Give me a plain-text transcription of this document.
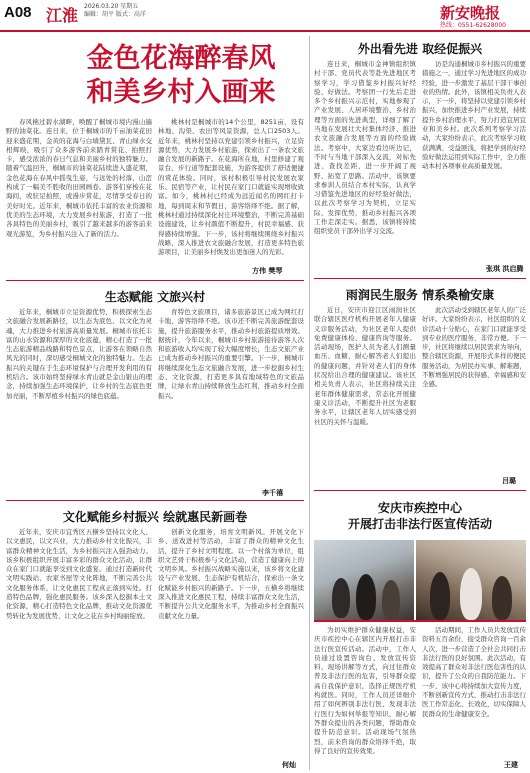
A08 江淮 2026.03.20 星期五
编辑：胡平 版式：高洋	新安晚报
热线：0551-62628000
金色花海醉春风
和美乡村入画来

春风拂过碧水湖畔，唤醒了桐城市境内漫山遍野的油菜花。连日来，位于桐城市的千亩油菜花田迎来盛花期，金黄的花海与白墙黛瓦、青山绿水交相辉映，吸引了众多游客前来踏青赏花、拍照打卡，感受浓浓的春日气息和美丽乡村的独特魅力。随着气温回升，桐城市的油菜花陆续进入盛花期，金色花海在春风中摇曳生姿，与远处的村落、山峦构成了一幅美不胜收的田园画卷。游客们穿梭在花海间，或驻足拍照，或漫步赏花，尽情享受春日的美好时光。近年来，桐城市依托丰富的农业资源和优美的生态环境，大力发展乡村旅游，打造了一批各具特色的美丽乡村，吸引了越来越多的游客前来观光游览，为乡村振兴注入了新的活力。

桃林村是桐城市的14个公里，8251亩，设有林地、沟渠、农田等风景资源，总人口2503人。近年来，桃林村坚持以党建引领乡村振兴，立足资源优势，大力发展乡村旅游，探索出了一条农文旅融合发展的新路子。在花海所在地，村里修建了观景台、步行道等配套设施，为游客提供了舒适便捷的赏花体验。同时，该村积极引导村民发展农家乐、民宿等产业，让村民在家门口就能实现增收致富。如今，桃林村已经成为远近闻名的网红打卡地，每到周末和节假日，游客络绎不绝。据了解，桃林村通过持续深化村庄环境整治，不断完善基础设施建设，让乡村颜值不断提升，村民幸福感、获得感持续增强。下一步，该村将继续围绕乡村振兴战略，深入推进农文旅融合发展，打造更多特色旅游项目，让美丽乡村焕发出更加迷人的光彩。

方伟 樊琴
生态赋能 文旅兴村

近年来，桐城市立足资源优势，积极探索生态文旅融合发展新路径，以生态为底色、以文化为灵魂，大力推进乡村旅游高质量发展。桐城市依托丰富的山水资源和深厚的文化底蕴，精心打造了一批生态旅游精品线路和特色景点，让游客在领略自然风光的同时，深切感受桐城文化的独特魅力。生态振兴的关键在于生态环境保护与合理开发利用的有机结合。该市始终坚持绿水青山就是金山银山的理念，持续加强生态环境保护，让乡村的生态底色更加亮丽，不断厚植乡村振兴的绿色底蕴。

育特色文旅项目，诸多旅游景区已成为网红打卡地，游客络绎不绝。该市还不断完善旅游配套设施，提升旅游服务水平，推动乡村旅游提质增效。据统计，今年以来，桐城市乡村旅游接待游客人次和旅游收入均实现了较大幅度增长，生态文旅产业已成为推动乡村振兴的重要引擎。下一步，桐城市将继续深化生态文旅融合发展，进一步挖掘乡村生态、文化资源，打造更多具有地域特色的文旅品牌，让绿水青山持续释放生态红利，推动乡村全面振兴。

李千禧
文化赋能乡村振兴 绘就惠民新画卷

近年来，安庆市宜秀区五横乡坚持以文化人、以文惠民，以文兴业，大力推动乡村文化振兴，丰富群众精神文化生活，为乡村振兴注入强劲动力。该乡积极组织开展丰富多彩的群众文化活动，让群众在家门口就能享受到文化盛宴。通过打造新时代文明实践站、农家书屋等文化阵地，不断完善公共文化服务体系，让文化惠民工程真正落到实处。打造特色品牌，强化惠民服务。该乡深入挖掘本土文化资源，精心打造特色文化品牌，推动文化资源优势转化为发展优势，让文化之花在乡村绚丽绽放。

创新文化服务，培育文明新风。开展文化下乡、送戏进村等活动，丰富了群众的精神文化生活，提升了乡村文明程度。以一个村落为单位，组织文艺骨干积极参与文化活动，营造了健康向上的文明乡风。乡村振兴战略实施以来，该乡将文化建设与产业发展、生态保护有机结合，探索出一条文化赋能乡村振兴的新路子。下一步，五横乡将继续深入推进文化惠民工程，持续丰富群众文化生活，不断提升公共文化服务水平，为推动乡村全面振兴贡献文化力量。

何灿
外出看先进 取经促振兴

连日来，桐城市金神镇组织镇村干部、党员代表等赴先进地区考察学习，学习借鉴乡村振兴好经验、好做法。考察团一行先后走进多个乡村振兴示范村，实地参观了产业发展、人居环境整治、乡村治理等方面的先进典型，详细了解了当地在发展壮大村集体经济、推进农文旅融合发展等方面的经验做法。考察中，大家边看边听边记，不时与当地干部深入交流，对标先进、查找差距，进一步开阔了视野、拓宽了思路。活动中，该镇要求参训人员结合本村实际，认真学习借鉴先进地区的好经验好做法，以此次考察学习为契机，立足实际、发挥优势，推动乡村振兴各项工作走深走实。据悉，该镇将持续组织党员干部外出学习交流。

访是沟通桐城市乡村振兴的重要措施之一，通过学习先进地区的成功经验，进一步激发了基层干部干事创业的热情。此外，该镇相关负责人表示，下一步，将坚持以党建引领乡村振兴，加快推进乡村产业发展，持续提升乡村治理水平，努力打造宜居宜业和美乡村。此次系列考察学习活动，大家纷纷表示，此次考察学习收获满满、受益匪浅，将把学到的好经验好做法运用到实际工作中，全力推动本村各项事业高质量发展。

张琪 洪启腾
雨润民生服务 情系桑榆安康

近日，安庆市迎江区雨润社区联合辖区医疗机构开展老年人健康义诊服务活动，为社区老年人提供免费健康体检、健康咨询等服务。活动现场，医护人员为老人们测量血压、血糖，耐心解答老人们提出的健康问题，并针对老人们的身体状况给出合理的健康建议。该社区相关负责人表示，社区将持续关注老年群体健康需求，常态化开展健康义诊活动，不断提升社区为老服务水平，让辖区老年人切实感受到社区的关怀与温暖。

此次活动受到辖区老年人的广泛好评。大家纷纷表示，社区组织的义诊活动十分贴心，在家门口就能享受到专业的医疗服务，非常方便。下一步，社区将继续以居民需求为导向，整合辖区资源，开展形式多样的便民服务活动，为居民办实事、解难题，不断增强居民的获得感、幸福感和安全感。

吕璐
安庆市疾控中心
开展打击非法行医宣传活动

为切实维护群众健康权益，安庆市疾控中心在辖区内开展打击非法行医宣传活动。活动中，工作人员通过设置咨询台、发放宣传资料、现场讲解等方式，向过往群众普及非法行医的危害，引导群众提高自我保护意识，选择正规医疗机构就医。同时，工作人员还详细介绍了如何辨别非法行医、发现非法行医行为如何举报等知识，耐心解答群众提出的各类问题，帮助群众提升防范意识。活动现场气氛热烈，前来咨询的群众络绎不绝，取得了良好的宣传效果。

活动期间，工作人员共发放宣传资料五百余份，接受群众咨询一百余人次，进一步营造了全社会共同打击非法行医的良好氛围。此次活动，有效提高了群众对非法行医危害性的认识，提升了公众的自我防范能力。下一步，该中心将持续加大宣传力度，不断创新宣传方式，推动打击非法行医工作常态化、长效化，切实保障人民群众的生命健康安全。

王建
